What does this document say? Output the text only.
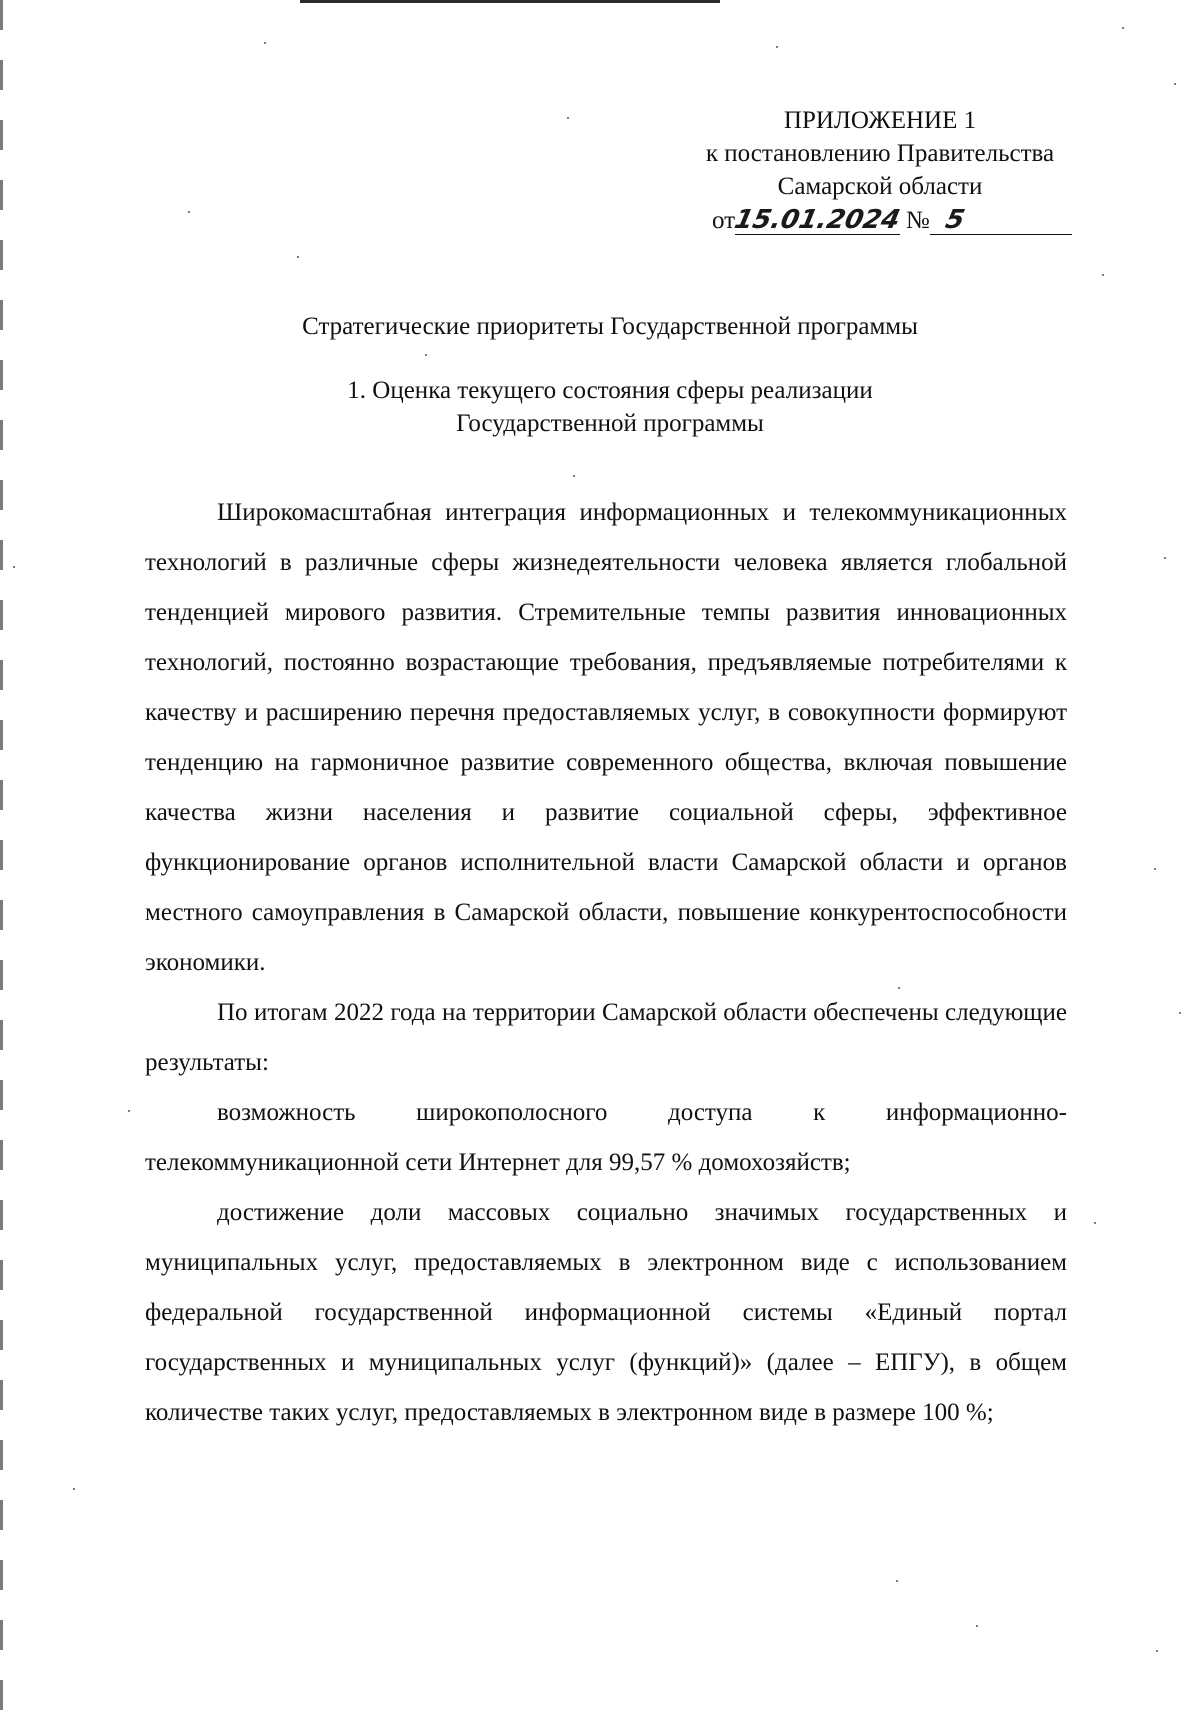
ПРИЛОЖЕНИЕ 1
к постановлению Правительства
Самарской области
от15.01.2024 № 5
Стратегические приоритеты Государственной программы
1. Оценка текущего состояния сферы реализации
Государственной программы

Широкомасштабная интеграция информационных и телекоммуникационных технологий в различные сферы жизнедеятельности человека является глобальной тенденцией мирового развития. Стремительные темпы развития инновационных технологий, постоянно возрастающие требования, предъявляемые потребителями к качеству и расширению перечня предоставляемых услуг, в совокупности формируют тенденцию на гармоничное развитие современного общества, включая повышение качества жизни населения и развитие социальной сферы, эффективное функционирование органов исполнительной власти Самарской области и органов местного самоуправления в Самарской области, повышение конкурентоспособности экономики.

По итогам 2022 года на территории Самарской области обеспечены следующие результаты:

возможность широкополосного доступа к информационно-телекоммуникационной сети Интернет для 99,57 % домохозяйств;

достижение доли массовых социально значимых государственных и муниципальных услуг, предоставляемых в электронном виде с использованием федеральной государственной информационной системы «Единый портал государственных и муниципальных услуг (функций)» (далее – ЕПГУ), в общем количестве таких услуг, предоставляемых в электронном виде в размере 100 %;
